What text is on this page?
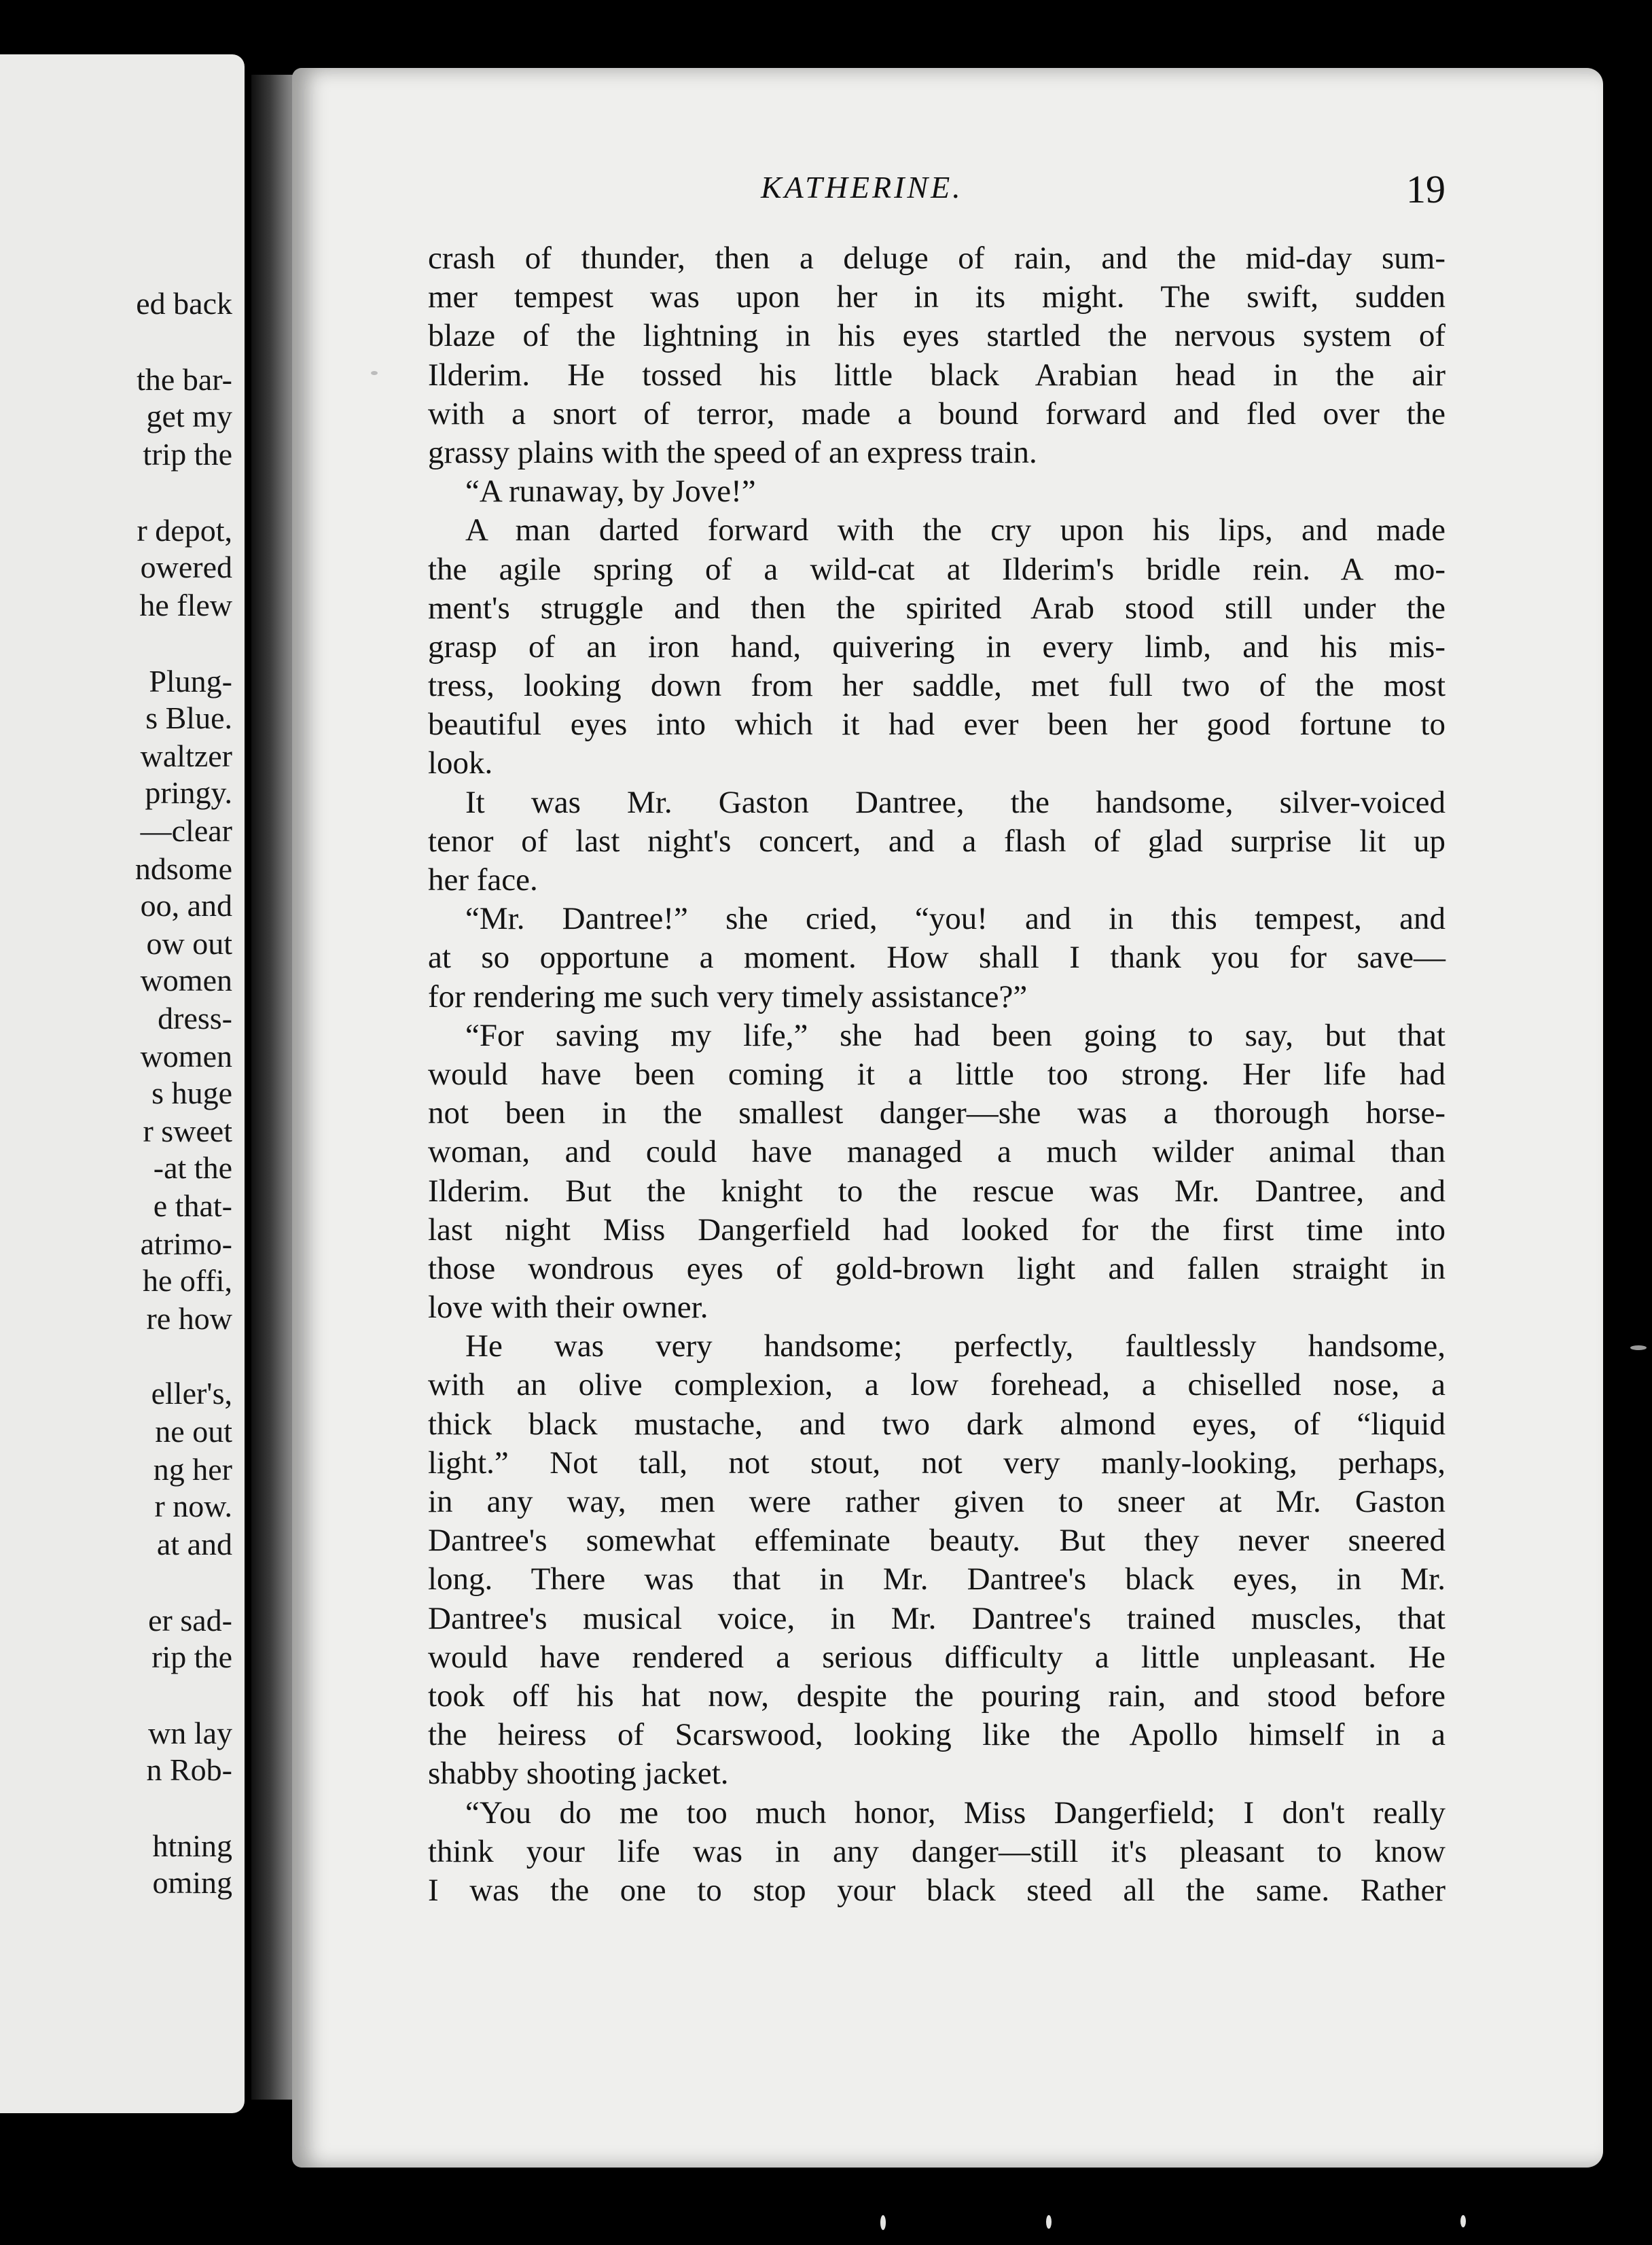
ed back
the bar-
get my
trip the
r depot,
owered
he flew
Plung-
s Blue.
waltzer
pringy.
—clear
ndsome
oo, and
ow out
women
dress-
women
s huge
r sweet
-at the
e that-
atrimo-
he offi,
re how
eller's,
ne out
ng her
r now.
at and
er sad-
rip the
wn lay
n Rob-
htning
oming
KATHERINE.	19
crash of thunder, then a deluge of rain, and the mid-day sum-
mer tempest was upon her in its might. The swift, sudden
blaze of the lightning in his eyes startled the nervous system of
Ilderim. He tossed his little black Arabian head in the air
with a snort of terror, made a bound forward and fled over the
grassy plains with the speed of an express train.
“A runaway, by Jove!”
A man darted forward with the cry upon his lips, and made
the agile spring of a wild-cat at Ilderim's bridle rein. A mo-
ment's struggle and then the spirited Arab stood still under the
grasp of an iron hand, quivering in every limb, and his mis-
tress, looking down from her saddle, met full two of the most
beautiful eyes into which it had ever been her good fortune to
look.
It was Mr. Gaston Dantree, the handsome, silver-voiced
tenor of last night's concert, and a flash of glad surprise lit up
her face.
“Mr. Dantree!” she cried, “you! and in this tempest, and
at so opportune a moment. How shall I thank you for save—
for rendering me such very timely assistance?”
“For saving my life,” she had been going to say, but that
would have been coming it a little too strong. Her life had
not been in the smallest danger—she was a thorough horse-
woman, and could have managed a much wilder animal than
Ilderim. But the knight to the rescue was Mr. Dantree, and
last night Miss Dangerfield had looked for the first time into
those wondrous eyes of gold-brown light and fallen straight in
love with their owner.
He was very handsome; perfectly, faultlessly handsome,
with an olive complexion, a low forehead, a chiselled nose, a
thick black mustache, and two dark almond eyes, of “liquid
light.” Not tall, not stout, not very manly-looking, perhaps,
in any way, men were rather given to sneer at Mr. Gaston
Dantree's somewhat effeminate beauty. But they never sneered
long. There was that in Mr. Dantree's black eyes, in Mr.
Dantree's musical voice, in Mr. Dantree's trained muscles, that
would have rendered a serious difficulty a little unpleasant. He
took off his hat now, despite the pouring rain, and stood before
the heiress of Scarswood, looking like the Apollo himself in a
shabby shooting jacket.
“You do me too much honor, Miss Dangerfield; I don't really
think your life was in any danger—still it's pleasant to know
I was the one to stop your black steed all the same. Rather
